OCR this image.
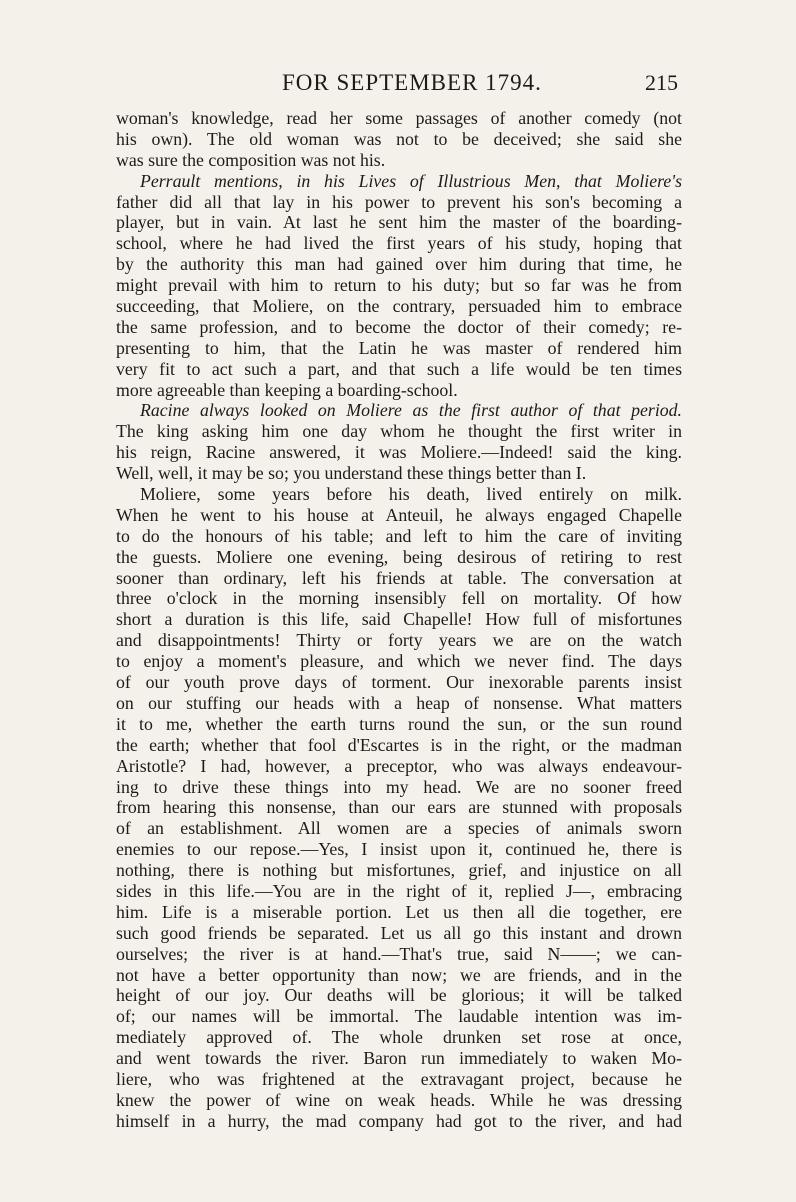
FOR SEPTEMBER 1794.	215
woman's knowledge, read her some passages of another comedy (not
his own). The old woman was not to be deceived; she said she
was sure the composition was not his.
Perrault mentions, in his Lives of Illustrious Men, that Moliere's
father did all that lay in his power to prevent his son's becoming a
player, but in vain. At last he sent him the master of the boarding-
school, where he had lived the first years of his study, hoping that
by the authority this man had gained over him during that time, he
might prevail with him to return to his duty; but so far was he from
succeeding, that Moliere, on the contrary, persuaded him to embrace
the same profession, and to become the doctor of their comedy; re-
presenting to him, that the Latin he was master of rendered him
very fit to act such a part, and that such a life would be ten times
more agreeable than keeping a boarding-school.
Racine always looked on Moliere as the first author of that period.
The king asking him one day whom he thought the first writer in
his reign, Racine answered, it was Moliere.—Indeed! said the king.
Well, well, it may be so; you understand these things better than I.
Moliere, some years before his death, lived entirely on milk.
When he went to his house at Anteuil, he always engaged Chapelle
to do the honours of his table; and left to him the care of inviting
the guests. Moliere one evening, being desirous of retiring to rest
sooner than ordinary, left his friends at table. The conversation at
three o'clock in the morning insensibly fell on mortality. Of how
short a duration is this life, said Chapelle! How full of misfortunes
and disappointments! Thirty or forty years we are on the watch
to enjoy a moment's pleasure, and which we never find. The days
of our youth prove days of torment. Our inexorable parents insist
on our stuffing our heads with a heap of nonsense. What matters
it to me, whether the earth turns round the sun, or the sun round
the earth; whether that fool d'Escartes is in the right, or the madman
Aristotle? I had, however, a preceptor, who was always endeavour-
ing to drive these things into my head. We are no sooner freed
from hearing this nonsense, than our ears are stunned with proposals
of an establishment. All women are a species of animals sworn
enemies to our repose.—Yes, I insist upon it, continued he, there is
nothing, there is nothing but misfortunes, grief, and injustice on all
sides in this life.—You are in the right of it, replied J—, embracing
him. Life is a miserable portion. Let us then all die together, ere
such good friends be separated. Let us all go this instant and drown
ourselves; the river is at hand.—That's true, said N——; we can-
not have a better opportunity than now; we are friends, and in the
height of our joy. Our deaths will be glorious; it will be talked
of; our names will be immortal. The laudable intention was im-
mediately approved of. The whole drunken set rose at once,
and went towards the river. Baron run immediately to waken Mo-
liere, who was frightened at the extravagant project, because he
knew the power of wine on weak heads. While he was dressing
himself in a hurry, the mad company had got to the river, and had
